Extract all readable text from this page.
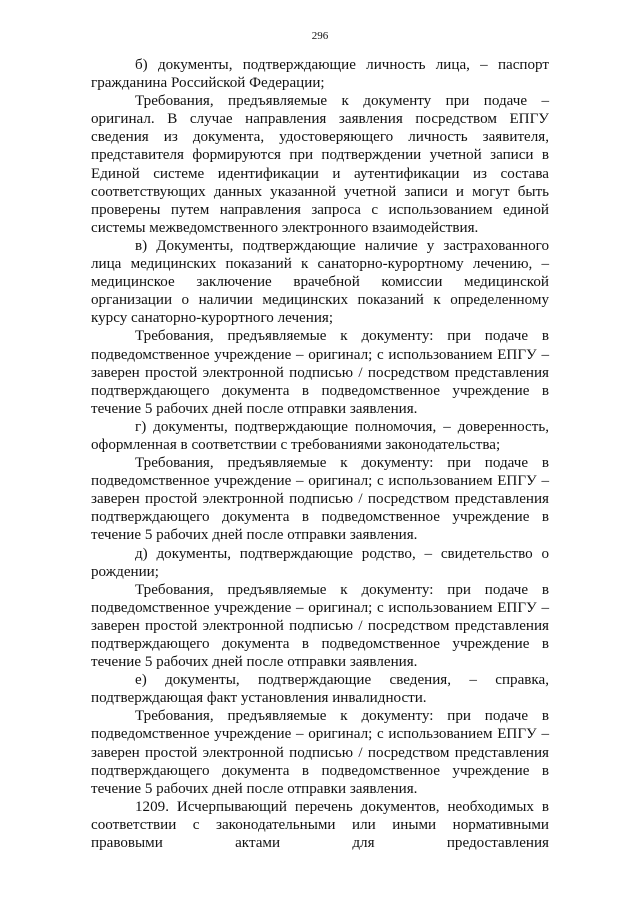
296

б) документы, подтверждающие личность лица, – паспорт гражданина Российской Федерации;

Требования, предъявляемые к документу при подаче – оригинал. В случае направления заявления посредством ЕПГУ сведения из документа, удостоверяющего личность заявителя, представителя формируются при подтверждении учетной записи в Единой системе идентификации и аутентификации из состава соответствующих данных указанной учетной записи и могут быть проверены путем направления запроса с использованием единой системы межведомственного электронного взаимодействия.

в) Документы, подтверждающие наличие у застрахованного лица медицинских показаний к санаторно-курортному лечению, – медицинское заключение врачебной комиссии медицинской организации о наличии медицинских показаний к определенному курсу санаторно-курортного лечения;

Требования, предъявляемые к документу: при подаче в подведомственное учреждение – оригинал; с использованием ЕПГУ – заверен простой электронной подписью / посредством представления подтверждающего документа в подведомственное учреждение в течение 5 рабочих дней после отправки заявления.

г) документы, подтверждающие полномочия, – доверенность, оформленная в соответствии с требованиями законодательства;

Требования, предъявляемые к документу: при подаче в подведомственное учреждение – оригинал; с использованием ЕПГУ – заверен простой электронной подписью / посредством представления подтверждающего документа в подведомственное учреждение в течение 5 рабочих дней после отправки заявления.

д) документы, подтверждающие родство, – свидетельство о рождении;

Требования, предъявляемые к документу: при подаче в подведомственное учреждение – оригинал; с использованием ЕПГУ – заверен простой электронной подписью / посредством представления подтверждающего документа в подведомственное учреждение в течение 5 рабочих дней после отправки заявления.

е) документы, подтверждающие сведения, – справка, подтверждающая факт установления инвалидности.

Требования, предъявляемые к документу: при подаче в подведомственное учреждение – оригинал; с использованием ЕПГУ – заверен простой электронной подписью / посредством представления подтверждающего документа в подведомственное учреждение в течение 5 рабочих дней после отправки заявления.

1209. Исчерпывающий перечень документов, необходимых в соответствии с законодательными или иными нормативными правовыми актами для предоставления
